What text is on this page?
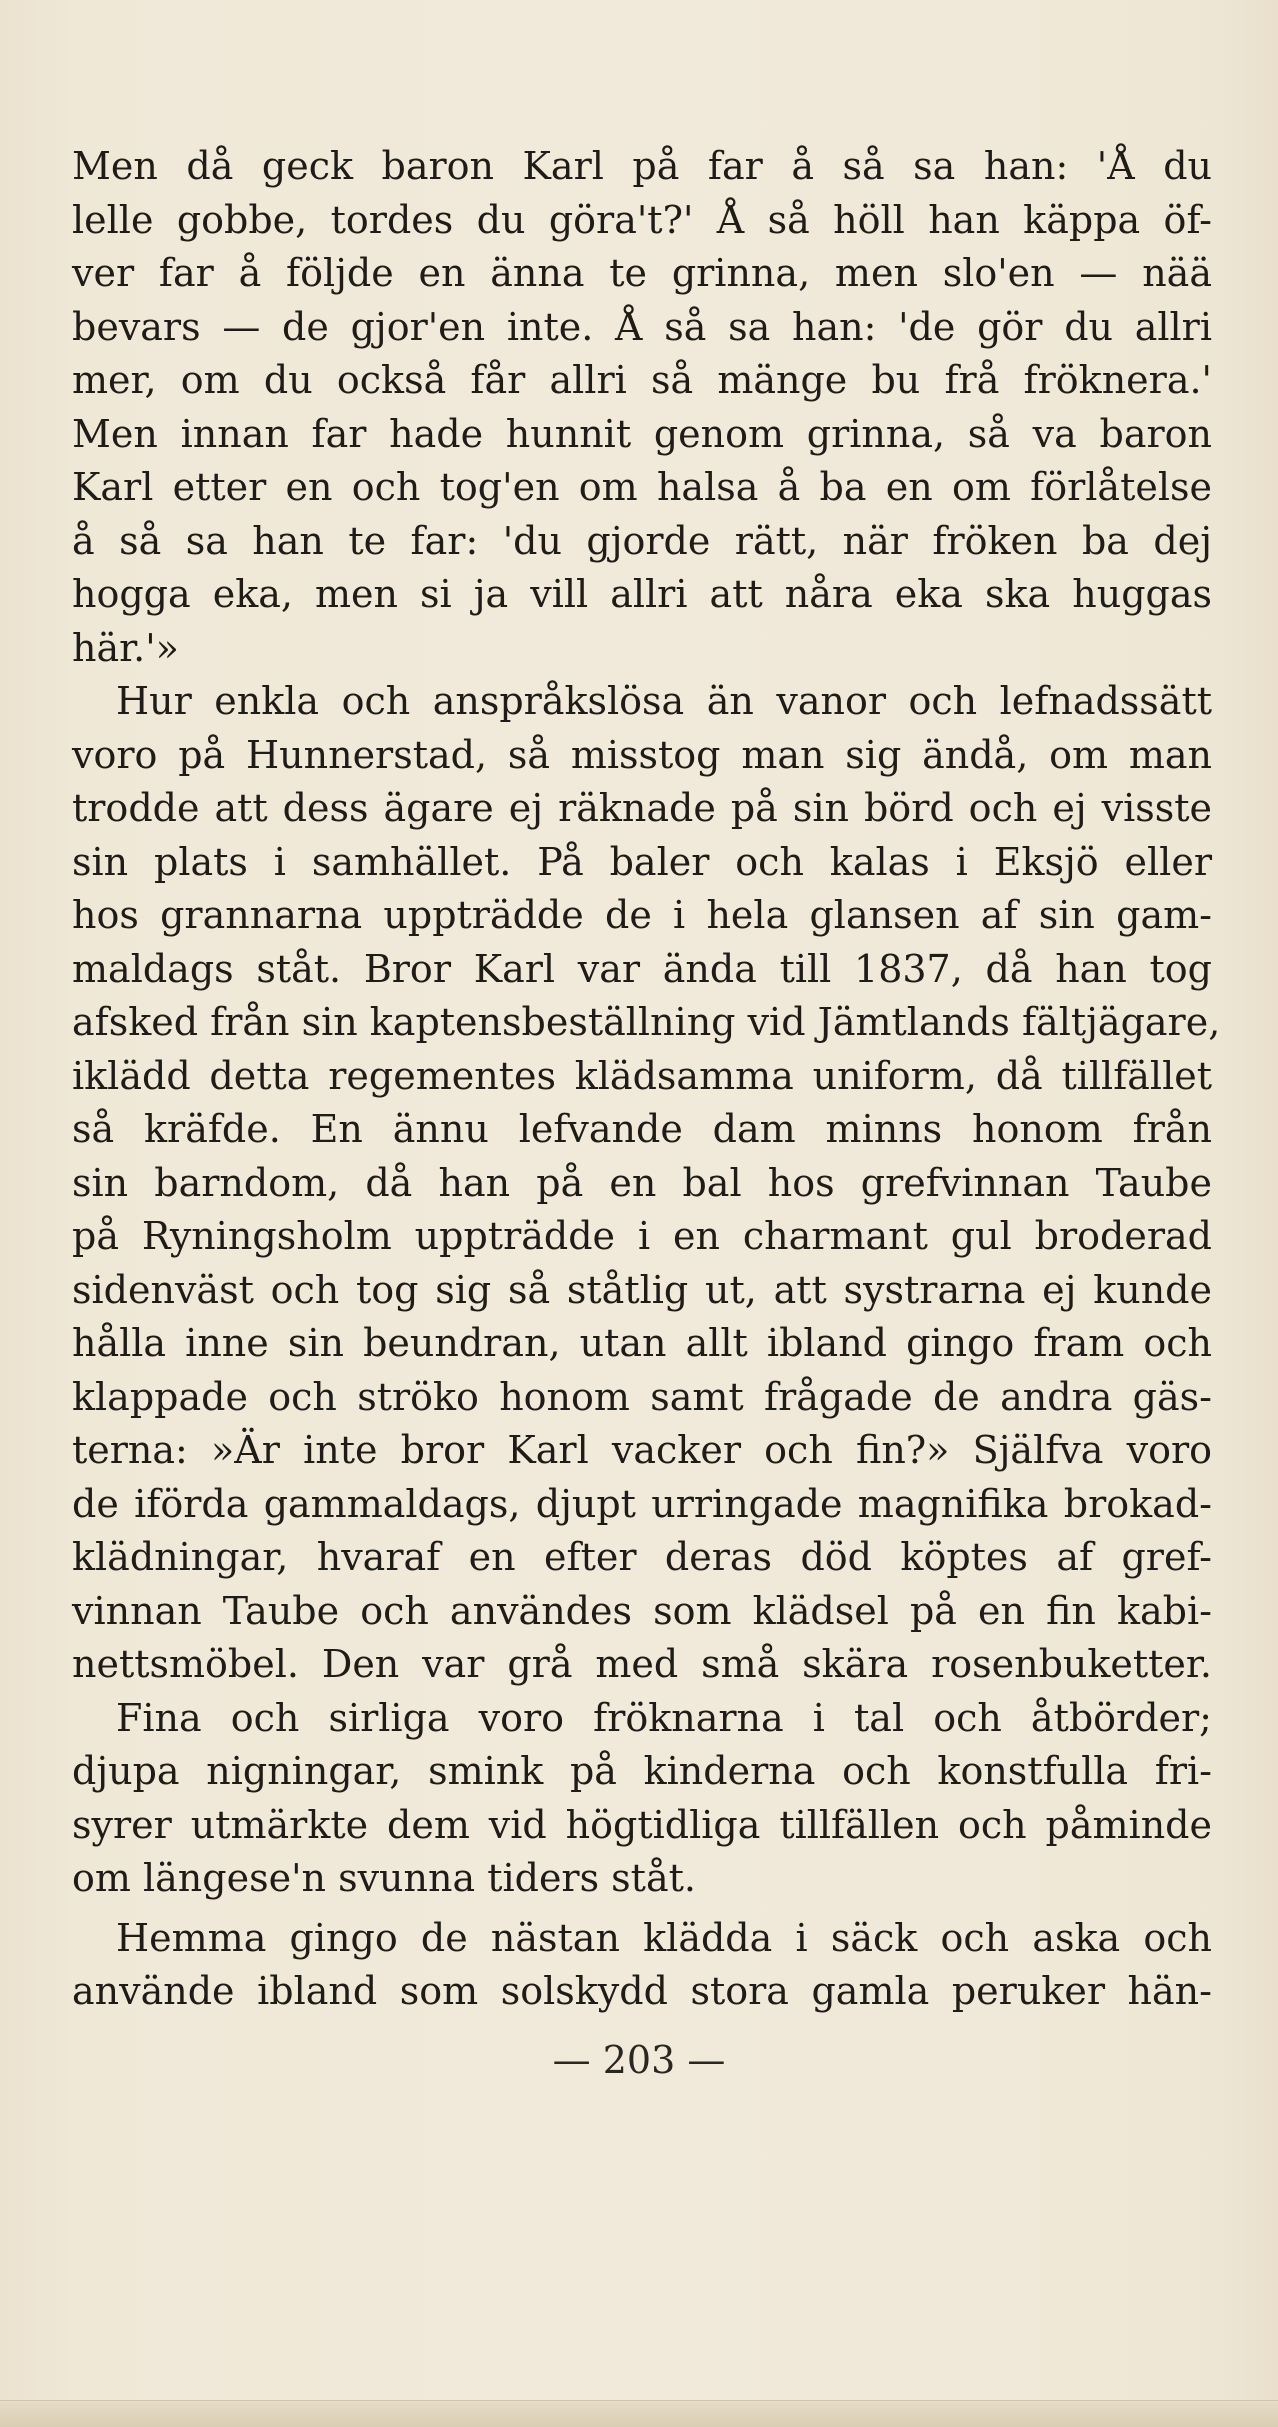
Men då geck baron Karl på far å så sa han: 'Å du
lelle gobbe, tordes du göra't?' Å så höll han käppa öf-
ver far å följde en änna te grinna, men slo'en — nää
bevars — de gjor'en inte. Å så sa han: 'de gör du allri
mer, om du också får allri så mänge bu frå fröknera.'
Men innan far hade hunnit genom grinna, så va baron
Karl etter en och tog'en om halsa å ba en om förlåtelse
å så sa han te far: 'du gjorde rätt, när fröken ba dej
hogga eka, men si ja vill allri att nåra eka ska huggas
här.'»
Hur enkla och anspråkslösa än vanor och lefnadssätt
voro på Hunnerstad, så misstog man sig ändå, om man
trodde att dess ägare ej räknade på sin börd och ej visste
sin plats i samhället. På baler och kalas i Eksjö eller
hos grannarna uppträdde de i hela glansen af sin gam-
maldags ståt. Bror Karl var ända till 1837, då han tog
afsked från sin kaptensbeställning vid Jämtlands fältjägare,
iklädd detta regementes klädsamma uniform, då tillfället
så kräfde. En ännu lefvande dam minns honom från
sin barndom, då han på en bal hos grefvinnan Taube
på Ryningsholm uppträdde i en charmant gul broderad
sidenväst och tog sig så ståtlig ut, att systrarna ej kunde
hålla inne sin beundran, utan allt ibland gingo fram och
klappade och ströko honom samt frågade de andra gäs-
terna: »Är inte bror Karl vacker och fin?» Själfva voro
de iförda gammaldags, djupt urringade magnifika brokad-
klädningar, hvaraf en efter deras död köptes af gref-
vinnan Taube och användes som klädsel på en fin kabi-
nettsmöbel. Den var grå med små skära rosenbuketter.
Fina och sirliga voro fröknarna i tal och åtbörder;
djupa nigningar, smink på kinderna och konstfulla fri-
syrer utmärkte dem vid högtidliga tillfällen och påminde
om längese'n svunna tiders ståt.
Hemma gingo de nästan klädda i säck och aska och
använde ibland som solskydd stora gamla peruker hän-
— 203 —
